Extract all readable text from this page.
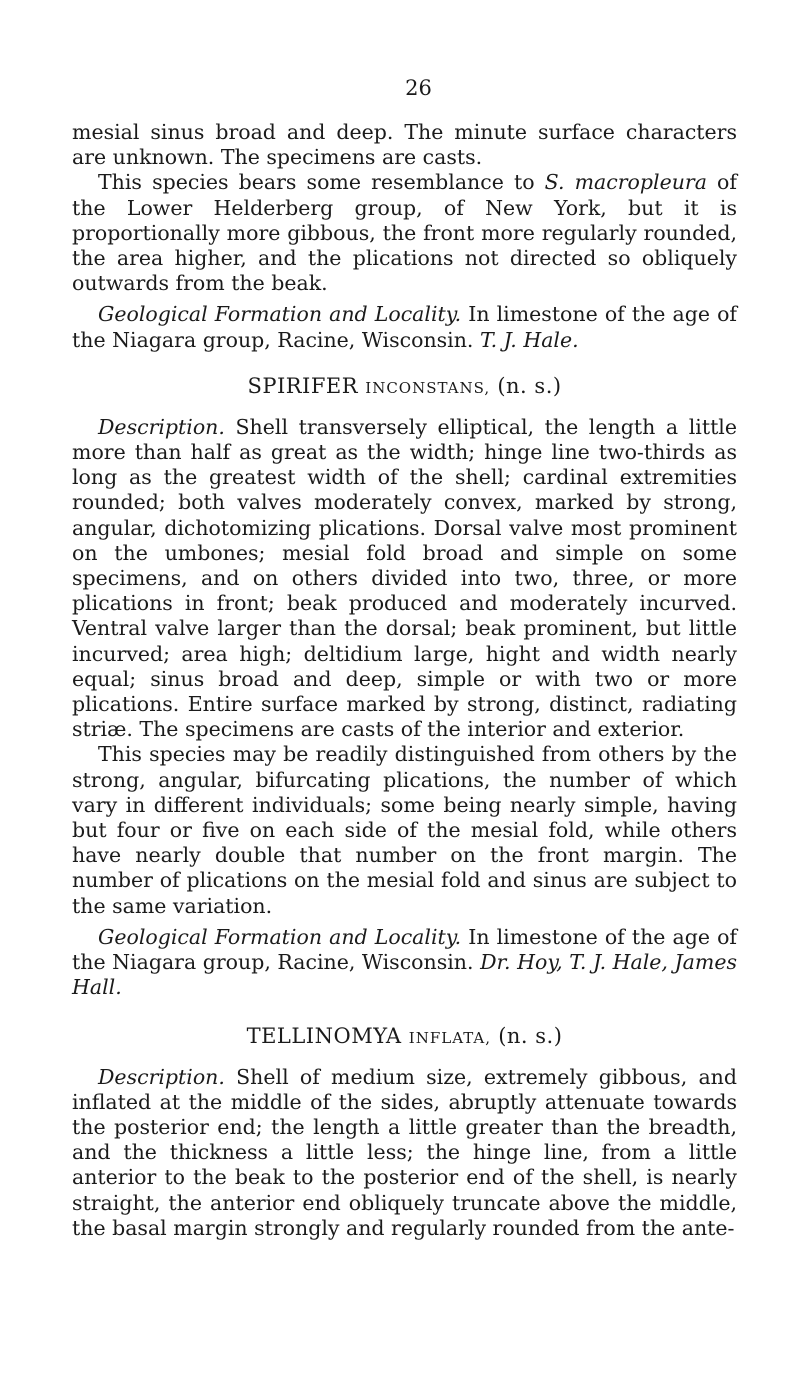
26

mesial sinus broad and deep. The minute surface characters are unknown. The specimens are casts.

This species bears some resemblance to S. macropleura of the Lower Helderberg group, of New York, but it is proportionally more gibbous, the front more regularly rounded, the area higher, and the plications not directed so obliquely outwards from the beak.

Geological Formation and Locality. In limestone of the age of the Niagara group, Racine, Wisconsin. T. J. Hale.

SPIRIFER INCONSTANS, (n. s.)

Description. Shell transversely elliptical, the length a little more than half as great as the width; hinge line two-thirds as long as the greatest width of the shell; cardinal extremities rounded; both valves moderately convex, marked by strong, angular, dichotomizing plications. Dorsal valve most prominent on the umbones; mesial fold broad and simple on some specimens, and on others divided into two, three, or more plications in front; beak produced and moderately incurved. Ventral valve larger than the dorsal; beak prominent, but little incurved; area high; deltidium large, hight and width nearly equal; sinus broad and deep, simple or with two or more plications. Entire surface marked by strong, distinct, radiating striæ. The specimens are casts of the interior and exterior.

This species may be readily distinguished from others by the strong, angular, bifurcating plications, the number of which vary in different individuals; some being nearly simple, having but four or five on each side of the mesial fold, while others have nearly double that number on the front margin. The number of plications on the mesial fold and sinus are subject to the same variation.

Geological Formation and Locality. In limestone of the age of the Niagara group, Racine, Wisconsin. Dr. Hoy, T. J. Hale, James Hall.

TELLINOMYA INFLATA, (n. s.)

Description. Shell of medium size, extremely gibbous, and inflated at the middle of the sides, abruptly attenuate towards the posterior end; the length a little greater than the breadth, and the thickness a little less; the hinge line, from a little anterior to the beak to the posterior end of the shell, is nearly straight, the anterior end obliquely truncate above the middle, the basal margin strongly and regularly rounded from the ante-
